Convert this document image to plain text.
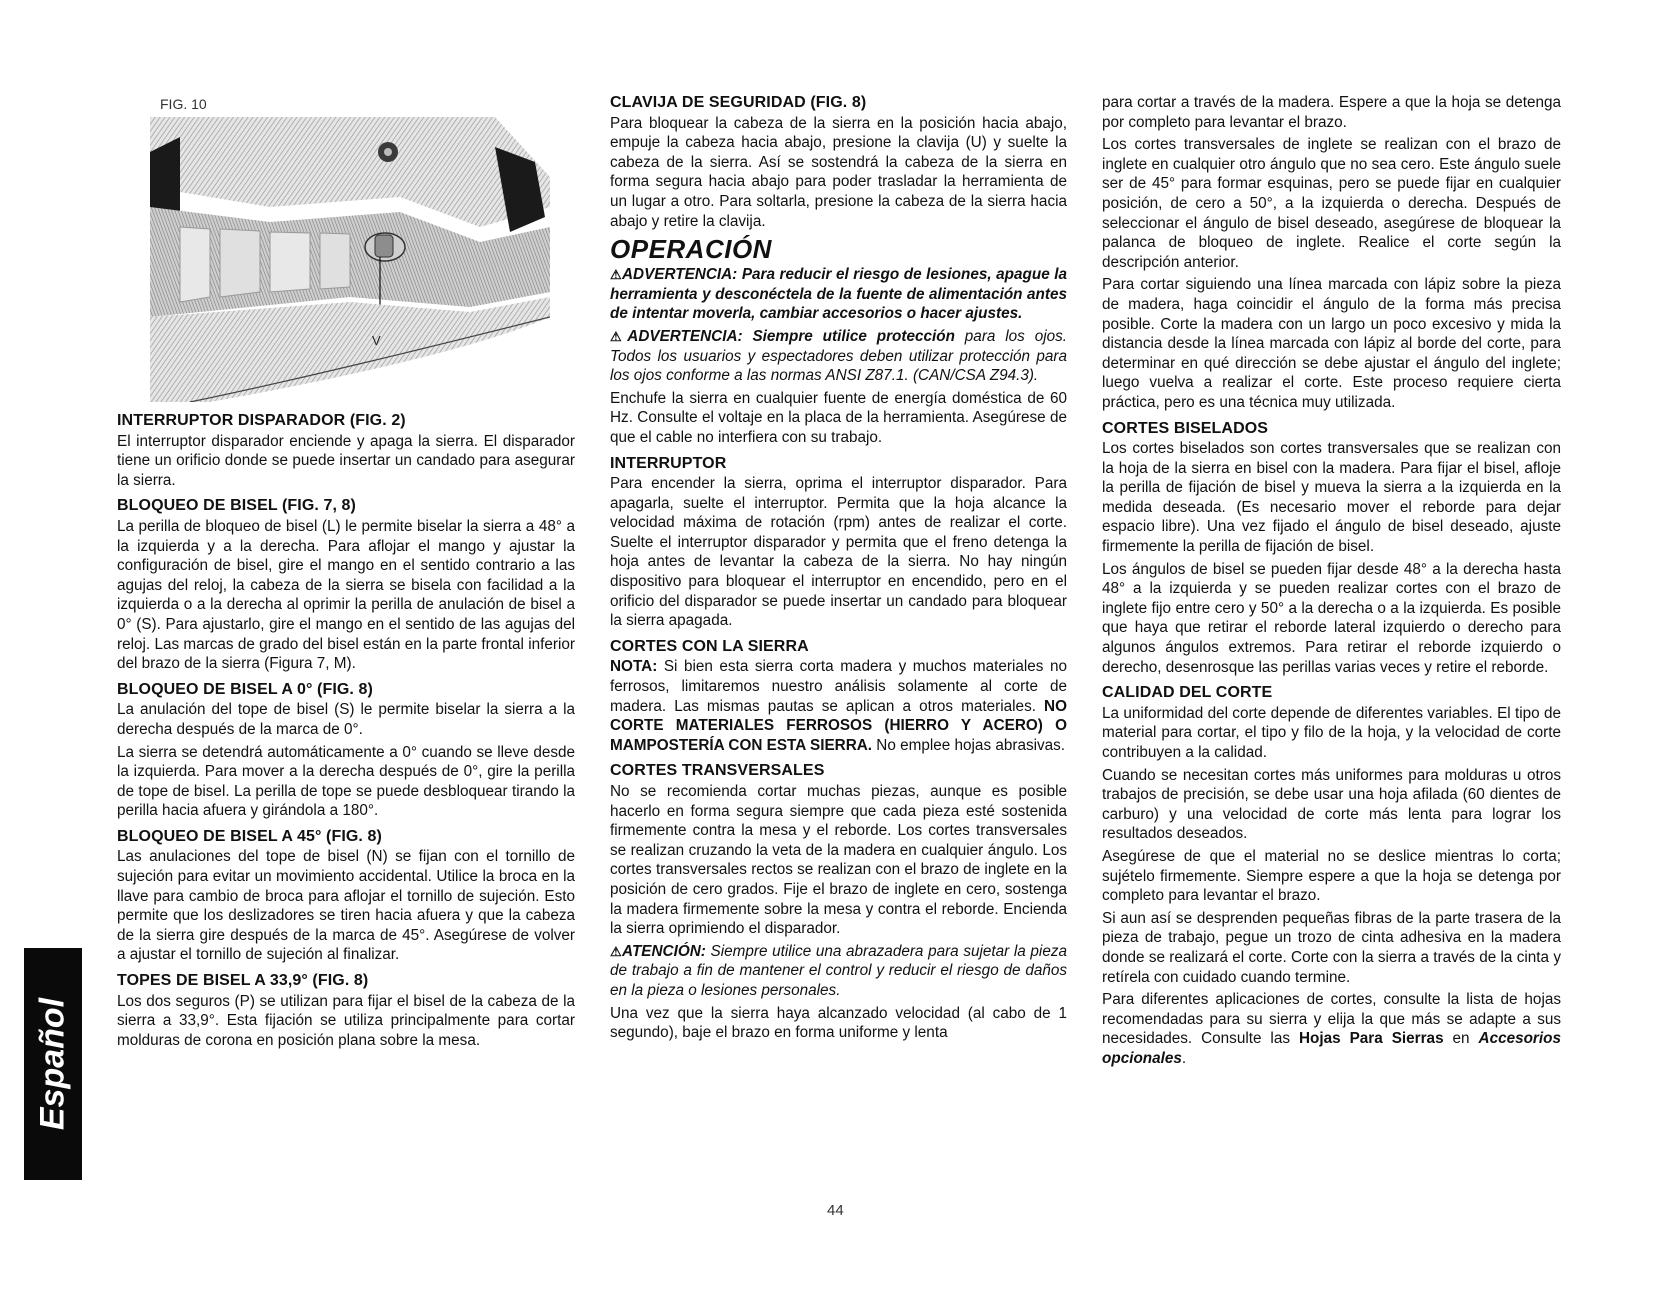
FIG. 10
V
INTERRUPTOR DISPARADOR (FIG. 2)
El interruptor disparador enciende y apaga la sierra. El disparador tiene un orificio donde se puede insertar un candado para asegurar la sierra.
BLOQUEO DE BISEL (FIG. 7, 8)
La perilla de bloqueo de bisel (L) le permite biselar la sierra a 48° a la izquierda y a la derecha. Para aflojar el mango y ajustar la configuración de bisel, gire el mango en el sentido contrario a las agujas del reloj, la cabeza de la sierra se bisela con facilidad a la izquierda o a la derecha al oprimir la perilla de anulación de bisel a 0° (S). Para ajustarlo, gire el mango en el sentido de las agujas del reloj. Las marcas de grado del bisel están en la parte frontal inferior del brazo de la sierra (Figura 7, M).
BLOQUEO DE BISEL A 0° (FIG. 8)
La anulación del tope de bisel (S) le permite biselar la sierra a la derecha después de la marca de 0°.
La sierra se detendrá automáticamente a 0° cuando se lleve desde la izquierda. Para mover a la derecha después de 0°, gire la perilla de tope de bisel. La perilla de tope se puede desbloquear tirando la perilla hacia afuera y girándola a 180°.
BLOQUEO DE BISEL A 45° (FIG. 8)
Las anulaciones del tope de bisel (N) se fijan con el tornillo de sujeción para evitar un movimiento accidental. Utilice la broca en la llave para cambio de broca para aflojar el tornillo de sujeción. Esto permite que los deslizadores se tiren hacia afuera y que la cabeza de la sierra gire después de la marca de 45°. Asegúrese de volver a ajustar el tornillo de sujeción al finalizar.
TOPES DE BISEL A 33,9° (FIG. 8)
Los dos seguros (P) se utilizan para fijar el bisel de la cabeza de la sierra a 33,9°. Esta fijación se utiliza principalmente para cortar molduras de corona en posición plana sobre la mesa.
CLAVIJA DE SEGURIDAD (FIG. 8)
Para bloquear la cabeza de la sierra en la posición hacia abajo, empuje la cabeza hacia abajo, presione la clavija (U) y suelte la cabeza de la sierra. Así se sostendrá la cabeza de la sierra en forma segura hacia abajo para poder trasladar la herramienta de un lugar a otro. Para soltarla, presione la cabeza de la sierra hacia abajo y retire la clavija.
OPERACIÓN
⚠ADVERTENCIA: Para reducir el riesgo de lesiones, apague la herramienta y desconéctela de la fuente de alimentación antes de intentar moverla, cambiar accesorios o hacer ajustes.
⚠ADVERTENCIA: Siempre utilice protección para los ojos. Todos los usuarios y espectadores deben utilizar protección para los ojos conforme a las normas ANSI Z87.1. (CAN/CSA Z94.3).
Enchufe la sierra en cualquier fuente de energía doméstica de 60 Hz. Consulte el voltaje en la placa de la herramienta. Asegúrese de que el cable no interfiera con su trabajo.
INTERRUPTOR
Para encender la sierra, oprima el interruptor disparador. Para apagarla, suelte el interruptor. Permita que la hoja alcance la velocidad máxima de rotación (rpm) antes de realizar el corte. Suelte el interruptor disparador y permita que el freno detenga la hoja antes de levantar la cabeza de la sierra. No hay ningún dispositivo para bloquear el interruptor en encendido, pero en el orificio del disparador se puede insertar un candado para bloquear la sierra apagada.
CORTES CON LA SIERRA
NOTA: Si bien esta sierra corta madera y muchos materiales no ferrosos, limitaremos nuestro análisis solamente al corte de madera. Las mismas pautas se aplican a otros materiales. NO CORTE MATERIALES FERROSOS (HIERRO Y ACERO) O MAMPOSTERÍA CON ESTA SIERRA. No emplee hojas abrasivas.
CORTES TRANSVERSALES
No se recomienda cortar muchas piezas, aunque es posible hacerlo en forma segura siempre que cada pieza esté sostenida firmemente contra la mesa y el reborde. Los cortes transversales se realizan cruzando la veta de la madera en cualquier ángulo. Los cortes transversales rectos se realizan con el brazo de inglete en la posición de cero grados. Fije el brazo de inglete en cero, sostenga la madera firmemente sobre la mesa y contra el reborde. Encienda la sierra oprimiendo el disparador.
⚠ATENCIÓN: Siempre utilice una abrazadera para sujetar la pieza de trabajo a fin de mantener el control y reducir el riesgo de daños en la pieza o lesiones personales.
Una vez que la sierra haya alcanzado velocidad (al cabo de 1 segundo), baje el brazo en forma uniforme y lenta
para cortar a través de la madera. Espere a que la hoja se detenga por completo para levantar el brazo.
Los cortes transversales de inglete se realizan con el brazo de inglete en cualquier otro ángulo que no sea cero. Este ángulo suele ser de 45° para formar esquinas, pero se puede fijar en cualquier posición, de cero a 50°, a la izquierda o derecha. Después de seleccionar el ángulo de bisel deseado, asegúrese de bloquear la palanca de bloqueo de inglete. Realice el corte según la descripción anterior.
Para cortar siguiendo una línea marcada con lápiz sobre la pieza de madera, haga coincidir el ángulo de la forma más precisa posible. Corte la madera con un largo un poco excesivo y mida la distancia desde la línea marcada con lápiz al borde del corte, para determinar en qué dirección se debe ajustar el ángulo del inglete; luego vuelva a realizar el corte. Este proceso requiere cierta práctica, pero es una técnica muy utilizada.
CORTES BISELADOS
Los cortes biselados son cortes transversales que se realizan con la hoja de la sierra en bisel con la madera. Para fijar el bisel, afloje la perilla de fijación de bisel y mueva la sierra a la izquierda en la medida deseada. (Es necesario mover el reborde para dejar espacio libre). Una vez fijado el ángulo de bisel deseado, ajuste firmemente la perilla de fijación de bisel.
Los ángulos de bisel se pueden fijar desde 48° a la derecha hasta 48° a la izquierda y se pueden realizar cortes con el brazo de inglete fijo entre cero y 50° a la derecha o a la izquierda. Es posible que haya que retirar el reborde lateral izquierdo o derecho para algunos ángulos extremos. Para retirar el reborde izquierdo o derecho, desenrosque las perillas varias veces y retire el reborde.
CALIDAD DEL CORTE
La uniformidad del corte depende de diferentes variables. El tipo de material para cortar, el tipo y filo de la hoja, y la velocidad de corte contribuyen a la calidad.
Cuando se necesitan cortes más uniformes para molduras u otros trabajos de precisión, se debe usar una hoja afilada (60 dientes de carburo) y una velocidad de corte más lenta para lograr los resultados deseados.
Asegúrese de que el material no se deslice mientras lo corta; sujételo firmemente. Siempre espere a que la hoja se detenga por completo para levantar el brazo.
Si aun así se desprenden pequeñas fibras de la parte trasera de la pieza de trabajo, pegue un trozo de cinta adhesiva en la madera donde se realizará el corte. Corte con la sierra a través de la cinta y retírela con cuidado cuando termine.
Para diferentes aplicaciones de cortes, consulte la lista de hojas recomendadas para su sierra y elija la que más se adapte a sus necesidades. Consulte las Hojas Para Sierras en Accesorios opcionales.
Español
44
